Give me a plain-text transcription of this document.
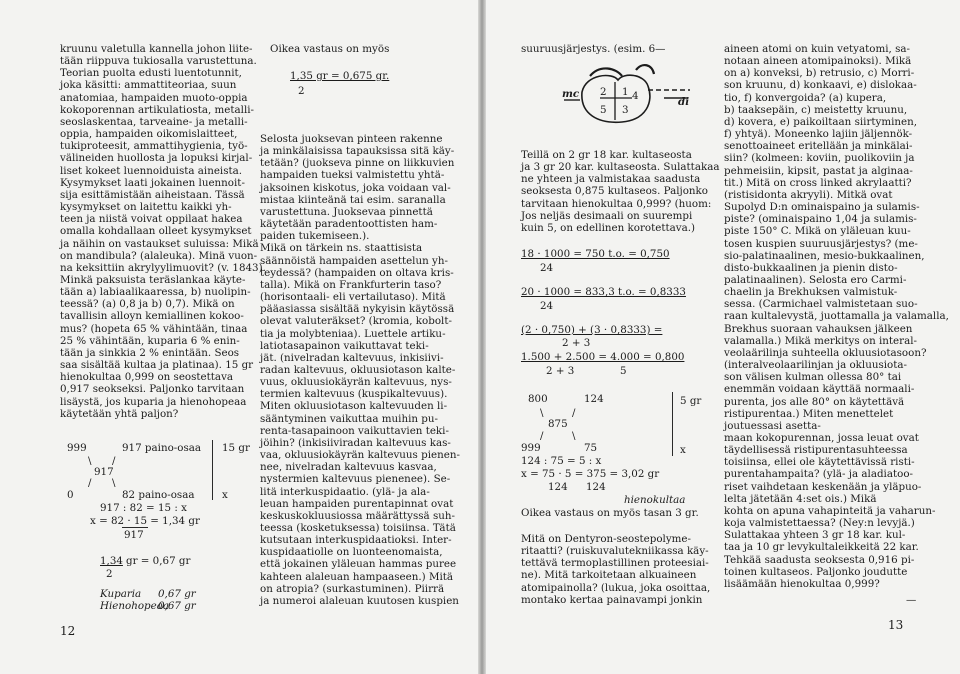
kruunu valetulla kannella johon liite-
tään riippuva tukiosalla varustettuna.
Teorian puolta edusti luentotunnit,
joka käsitti: ammattiteoriaa, suun
anatomiaa, hampaiden muoto-oppia
kokoporennan artikulatiosta, metalli-
seoslaskentaa, tarveaine- ja metalli-
oppia, hampaiden oikomislaitteet,
tukiproteesit, ammattihygienia, työ-
välineiden huollosta ja lopuksi kirjal-
liset kokeet luennoiduista aineista.
Kysymykset laati jokainen luennoit-
sija esittämistään aiheistaan. Tässä
kysymykset on laitettu kaikki yh-
teen ja niistä voivat oppilaat hakea
omalla kohdallaan olleet kysymykset
ja näihin on vastaukset suluissa: Mikä
on mandibula? (alaleuka). Minä vuon-
na keksittiin akrylyylimuovit? (v. 1843).
Minkä paksuista teräslankaa käyte-
tään a) labiaalikaaressa, b) nuolipin-
teessä? (a) 0,8 ja b) 0,7). Mikä on
tavallisin alloyn kemiallinen kokoo-
mus? (hopeta 65 % vähintään, tinaa
25 % vähintään, kuparia 6 % enin-
tään ja sinkkia 2 % enintään. Seos
saa sisältää kultaa ja platinaa). 15 gr
hienokultaa 0,999 on seostettava
0,917 seokseksi. Paljonko tarvitaan
lisäystä, jos kuparia ja hienohopeaa
käytetään yhtä paljon?
999	917 paino-osaa 15 gr
\ /
917
/ \
0	82 paino-osaa	x
917 : 82 = 15 : x
x = 82 · 15 = 1,34 gr
917
1,34 gr = 0,67 gr
2
Kuparia 0,67 gr
Hienohopeaa
0,67 gr
12
Oikea vastaus on myös
1,35 gr = 0,675 gr.
2
Selosta juoksevan pinteen rakenne
ja minkälaisissa tapauksissa sitä käy-
tetään? (juokseva pinne on liikkuvien
hampaiden tueksi valmistettu yhtä-
jaksoinen kiskotus, joka voidaan val-
mistaa kiinteänä tai esim. saranalla
varustettuna. Juoksevaa pinnettä
käytetään paradentoottisten ham-
paiden tukemiseen.).
Mikä on tärkein ns. staattisista
säännöistä hampaiden asettelun yh-
teydessä? (hampaiden on oltava kris-
talla). Mikä on Frankfurterin taso?
(horisontaali- eli vertailutaso). Mitä
pääasiassa sisältää nykyisin käytössä
olevat valuteräkset? (kromia, kobolt-
tia ja molybteniaa). Luettele artiku-
latiotasapainon vaikuttavat teki-
jät. (nivelradan kaltevuus, inkisiivi-
radan kaltevuus, okluusiotason kalte-
vuus, okluusiokäyrän kaltevuus, nys-
termien kaltevuus (kuspikaltevuus).
Miten okluusiotason kaltevuuden li-
sääntyminen vaikuttaa muihin pu-
renta-tasapainoon vaikuttavien teki-
jöihin? (inkisiiviradan kaltevuus kas-
vaa, okluusiokäyrän kaltevuus pienen-
nee, nivelradan kaltevuus kasvaa,
nystermien kaltevuus pienenee). Se-
litä interkuspidaatio. (ylä- ja ala-
leuan hampaiden purentapinnat ovat
keskuskokluusiossa määrättyssä suh-
teessa (kosketuksessa) toisiinsa. Tätä
kutsutaan interkuspidaatioksi. Inter-
kuspidaatiolle on luonteenomaista,
että jokainen yläleuan hammas puree
kahteen alaleuan hampaaseen.) Mitä
on atropia? (surkastuminen). Piirrä
ja numeroi alaleuan kuutosen kuspien
suuruusjärjestys. (esim. 6—
mc
di
1
2
3
4
5
Teillä on 2 gr 18 kar. kultaseosta
ja 3 gr 20 kar. kultaseosta. Sulattakaa
ne yhteen ja valmistakaa saadusta
seoksesta 0,875 kultaseos. Paljonko
tarvitaan hienokultaa 0,999? (huom:
Jos neljäs desimaali on suurempi
kuin 5, on edellinen korotettava.)
18 · 1000 = 750 t.o. = 0,750
24
20 · 1000 = 833,3 t.o. = 0,8333
24
(2 · 0,750) + (3 · 0,8333) =
2 + 3
1.500 + 2.500 = 4.000 = 0,800
2 + 3	5
800	124	5 gr
\	/
875
/	\
999	75	x
124 : 75 = 5 : x
x = 75 · 5 = 375 = 3,02 gr
124 124
hienokultaa
Oikea vastaus on myös tasan 3 gr.
Mitä on Dentyron-seostepolyme-
ritaatti? (ruiskuvalutekniikassa käy-
tettävä termoplastillinen proteesiai-
ne). Mitä tarkoitetaan alkuaineen
atomipainolla? (lukua, joka osoittaa,
montako kertaa painavampi jonkin
aineen atomi on kuin vetyatomi, sa-
notaan aineen atomipainoksi). Mikä
on a) konveksi, b) retrusio, c) Morri-
son kruunu, d) konkaavi, e) dislokaa-
tio, f) konvergoida? (a) kupera,
b) taaksepäin, c) meistetty kruunu,
d) kovera, e) paikoiltaan siirtyminen,
f) yhtyä). Moneenko lajiin jäljennök-
senottoaineet eritellään ja minkälai-
siin? (kolmeen: koviin, puolikoviin ja
pehmeisiin, kipsit, pastat ja alginaa-
tit.) Mitä on cross linked akrylaatti?
(ristisidonta akryyli). Mitkä ovat
Supolyd D:n ominaispaino ja sulamis-
piste? (ominaispaino 1,04 ja sulamis-
piste 150° C. Mikä on yläleuan kuu-
tosen kuspien suuruusjärjestys? (me-
sio-palatinaalinen, mesio-bukkaalinen,
disto-bukkaalinen ja pienin disto-
palatinaalinen). Selosta ero Carmi-
chaelin ja Brekhuksen valmistuk-
sessa. (Carmichael valmistetaan suo-
raan kultalevystä, juottamalla ja valamalla,
Brekhus suoraan vahauksen jälkeen
valamalla.) Mikä merkitys on interal-
veolaärilinja suhteella okluusiotasoon?
(interalveolaarilinjan ja okluusiota-
son välisen kulman ollessa 80° tai
enemmän voidaan käyttää normaali-
purenta, jos alle 80° on käytettävä
ristipurentaa.) Miten menettelet
joutuessasi asetta-
maan kokopurennan, jossa leuat ovat
täydellisessä ristipurentasuhteessa
toisiinsa, ellei ole käytettävissä risti-
purentahampaita? (ylä- ja aladiatoo-
riset vaihdetaan keskenään ja yläpuo-
lelta jätetään 4:set ois.) Mikä
kohta on apuna vahapinteitä ja vaharun-
koja valmistettaessa? (Ney:n levyjä.)
Sulattakaa yhteen 3 gr 18 kar. kul-
taa ja 10 gr levykultaleikkeitä 22 kar.
Tehkää saadusta seoksesta 0,916 pi-
toinen kultaseos. Paljonko joudutte
lisäämään hienokultaa 0,999?
—
13
